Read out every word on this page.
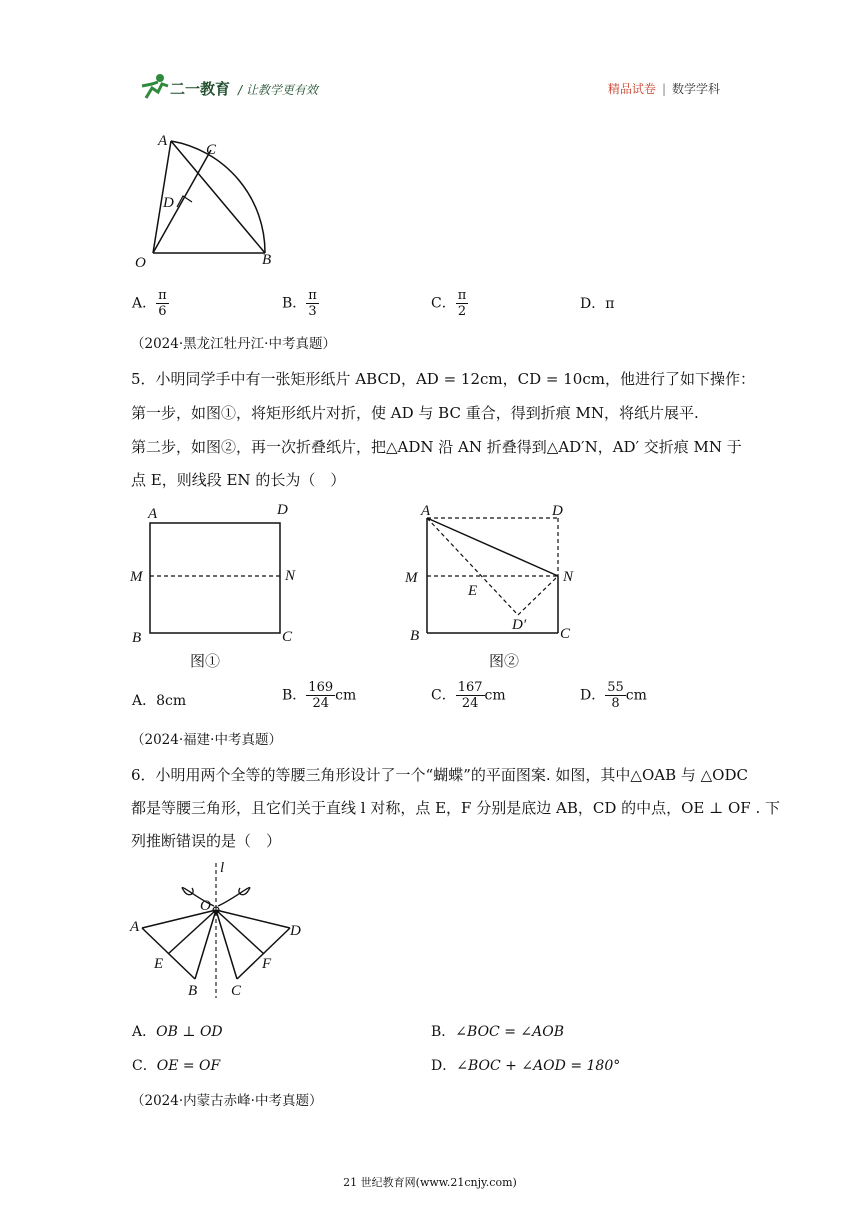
二一教育 / 让教学更有效	精品试卷 | 数学学科
A
C
D
O	B
A． $\frac{\pi}{6}$	B． $\frac{\pi}{3}$	C． $\frac{\pi}{2}$	D．π
（2024·黑龙江牡丹江·中考真题）
5．小明同学手中有一张矩形纸片 ABCD，AD = 12cm，CD = 10cm，他进行了如下操作：
第一步，如图①，将矩形纸片对折，使 AD 与 BC 重合，得到折痕 MN，将纸片展平.
第二步，如图②，再一次折叠纸片，把△ADN 沿 AN 折叠得到△AD′N，AD′ 交折痕 MN 于
点 E，则线段 EN 的长为（　）
A	D
M	N
B	C
图①
A	D
M	N
E
D′
B	C
图②
A．8cm	B． $\frac{169}{24}$ cm	C． $\frac{167}{24}$ cm	D． $\frac{55}{8}$ cm
（2024·福建·中考真题）
6．小明用两个全等的等腰三角形设计了一个“蝴蝶”的平面图案. 如图，其中△OAB 与 △ODC
都是等腰三角形，且它们关于直线 l 对称，点 E，F 分别是底边 AB，CD 的中点，OE ⊥ OF . 下
列推断错误的是（　）
l
O
A	D
E	F
B C
A．OB ⊥ OD	B．∠BOC = ∠AOB
C．OE = OF	D．∠BOC + ∠AOD = 180°
（2024·内蒙古赤峰·中考真题）
21 世纪教育网(www.21cnjy.com)
